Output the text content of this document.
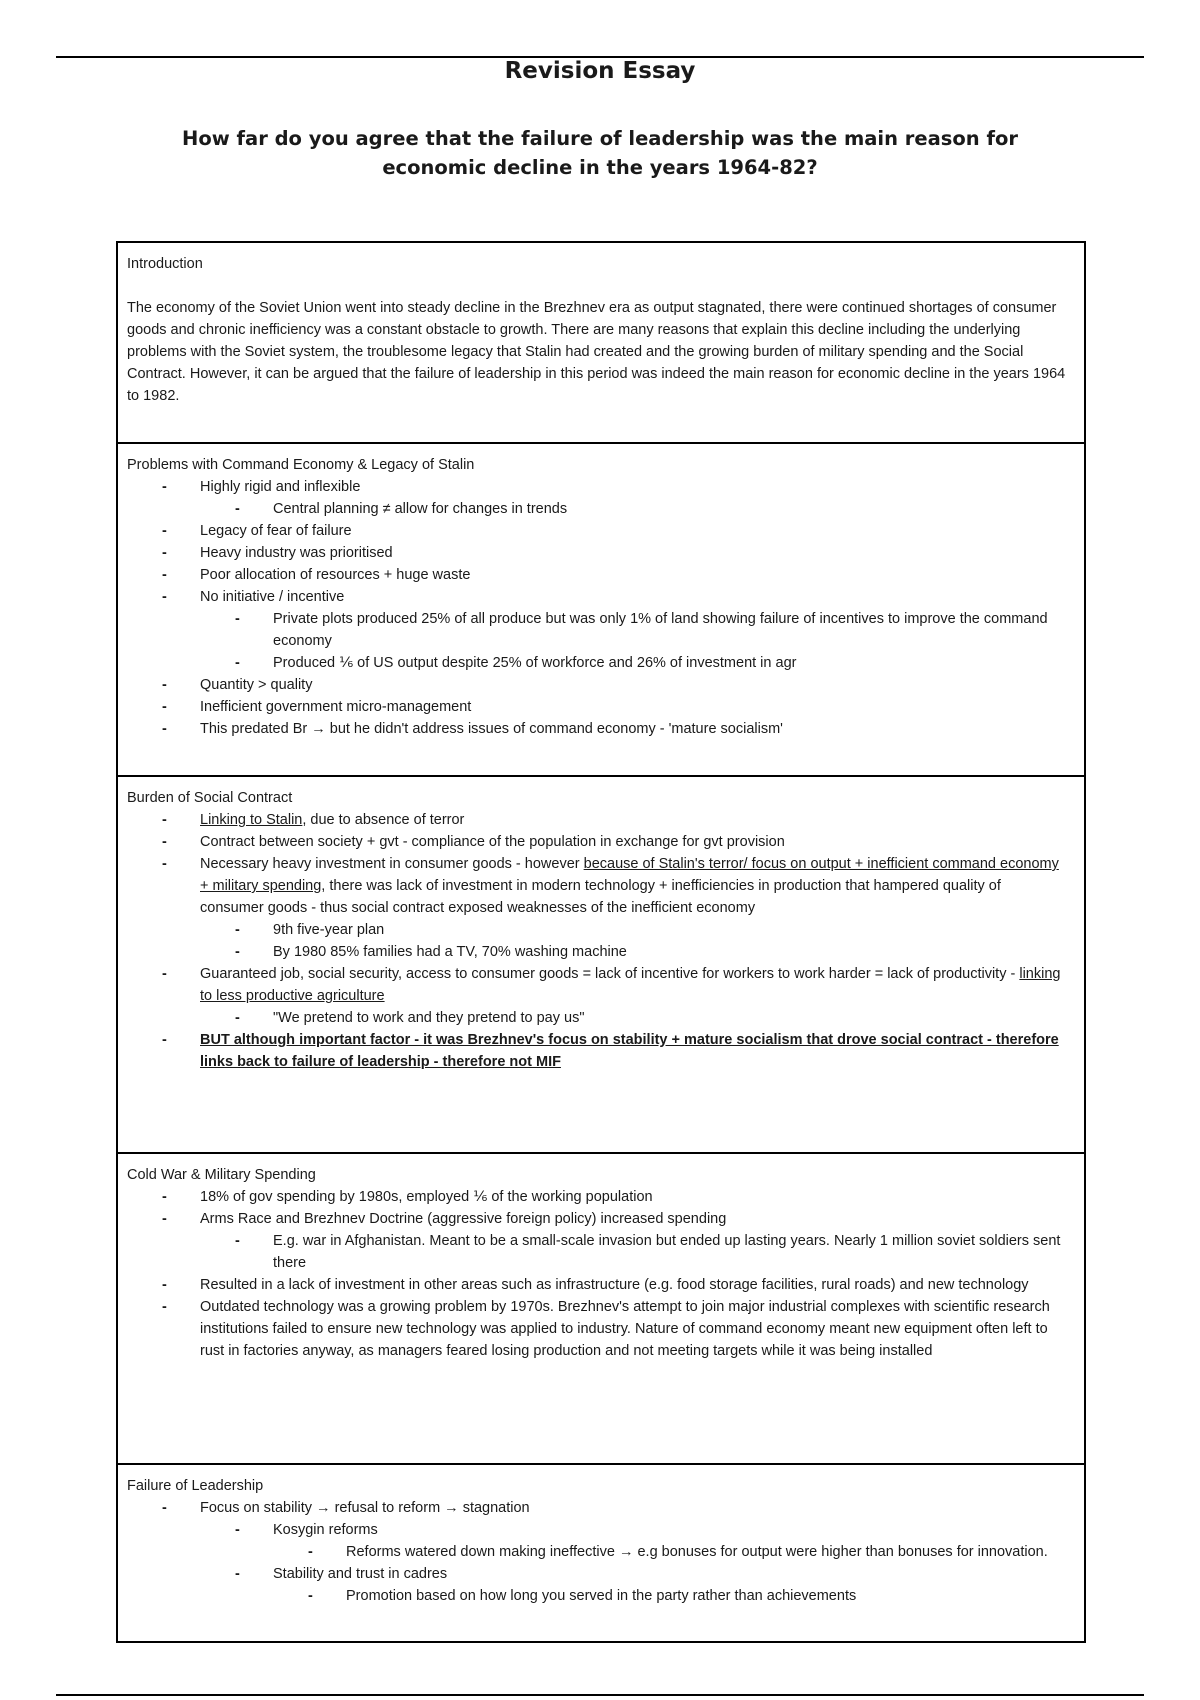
Revision Essay
How far do you agree that the failure of leadership was the main reason for economic decline in the years 1964-82?

Introduction

The economy of the Soviet Union went into steady decline in the Brezhnev era as output stagnated, there were continued shortages of consumer goods and chronic inefficiency was a constant obstacle to growth. There are many reasons that explain this decline including the underlying problems with the Soviet system, the troublesome legacy that Stalin had created and the growing burden of military spending and the Social Contract. However, it can be argued that the failure of leadership in this period was indeed the main reason for economic decline in the years 1964 to 1982.

Problems with Command Economy & Legacy of Stalin

- Highly rigid and inflexible
- Central planning ≠ allow for changes in trends
- Legacy of fear of failure
- Heavy industry was prioritised
- Poor allocation of resources + huge waste
- No initiative / incentive
- Private plots produced 25% of all produce but was only 1% of land showing failure of incentives to improve the command economy
- Produced ⅙ of US output despite 25% of workforce and 26% of investment in agr
- Quantity > quality
- Inefficient government micro-management
- This predated Br → but he didn't address issues of command economy - 'mature socialism'

Burden of Social Contract

- Linking to Stalin, due to absence of terror
- Contract between society + gvt - compliance of the population in exchange for gvt provision
- Necessary heavy investment in consumer goods - however because of Stalin's terror/ focus on output + inefficient command economy + military spending, there was lack of investment in modern technology + inefficiencies in production that hampered quality of consumer goods - thus social contract exposed weaknesses of the inefficient economy
- 9th five-year plan
- By 1980 85% families had a TV, 70% washing machine
- Guaranteed job, social security, access to consumer goods = lack of incentive for workers to work harder = lack of productivity - linking to less productive agriculture
- "We pretend to work and they pretend to pay us"
- BUT although important factor - it was Brezhnev's focus on stability + mature socialism that drove social contract - therefore links back to failure of leadership - therefore not MIF

Cold War & Military Spending

- 18% of gov spending by 1980s, employed ⅙ of the working population
- Arms Race and Brezhnev Doctrine (aggressive foreign policy) increased spending
- E.g. war in Afghanistan. Meant to be a small-scale invasion but ended up lasting years. Nearly 1 million soviet soldiers sent there
- Resulted in a lack of investment in other areas such as infrastructure (e.g. food storage facilities, rural roads) and new technology
- Outdated technology was a growing problem by 1970s. Brezhnev's attempt to join major industrial complexes with scientific research institutions failed to ensure new technology was applied to industry. Nature of command economy meant new equipment often left to rust in factories anyway, as managers feared losing production and not meeting targets while it was being installed

Failure of Leadership

- Focus on stability → refusal to reform → stagnation
- Kosygin reforms
- Reforms watered down making ineffective → e.g bonuses for output were higher than bonuses for innovation.
- Stability and trust in cadres
- Promotion based on how long you served in the party rather than achievements
